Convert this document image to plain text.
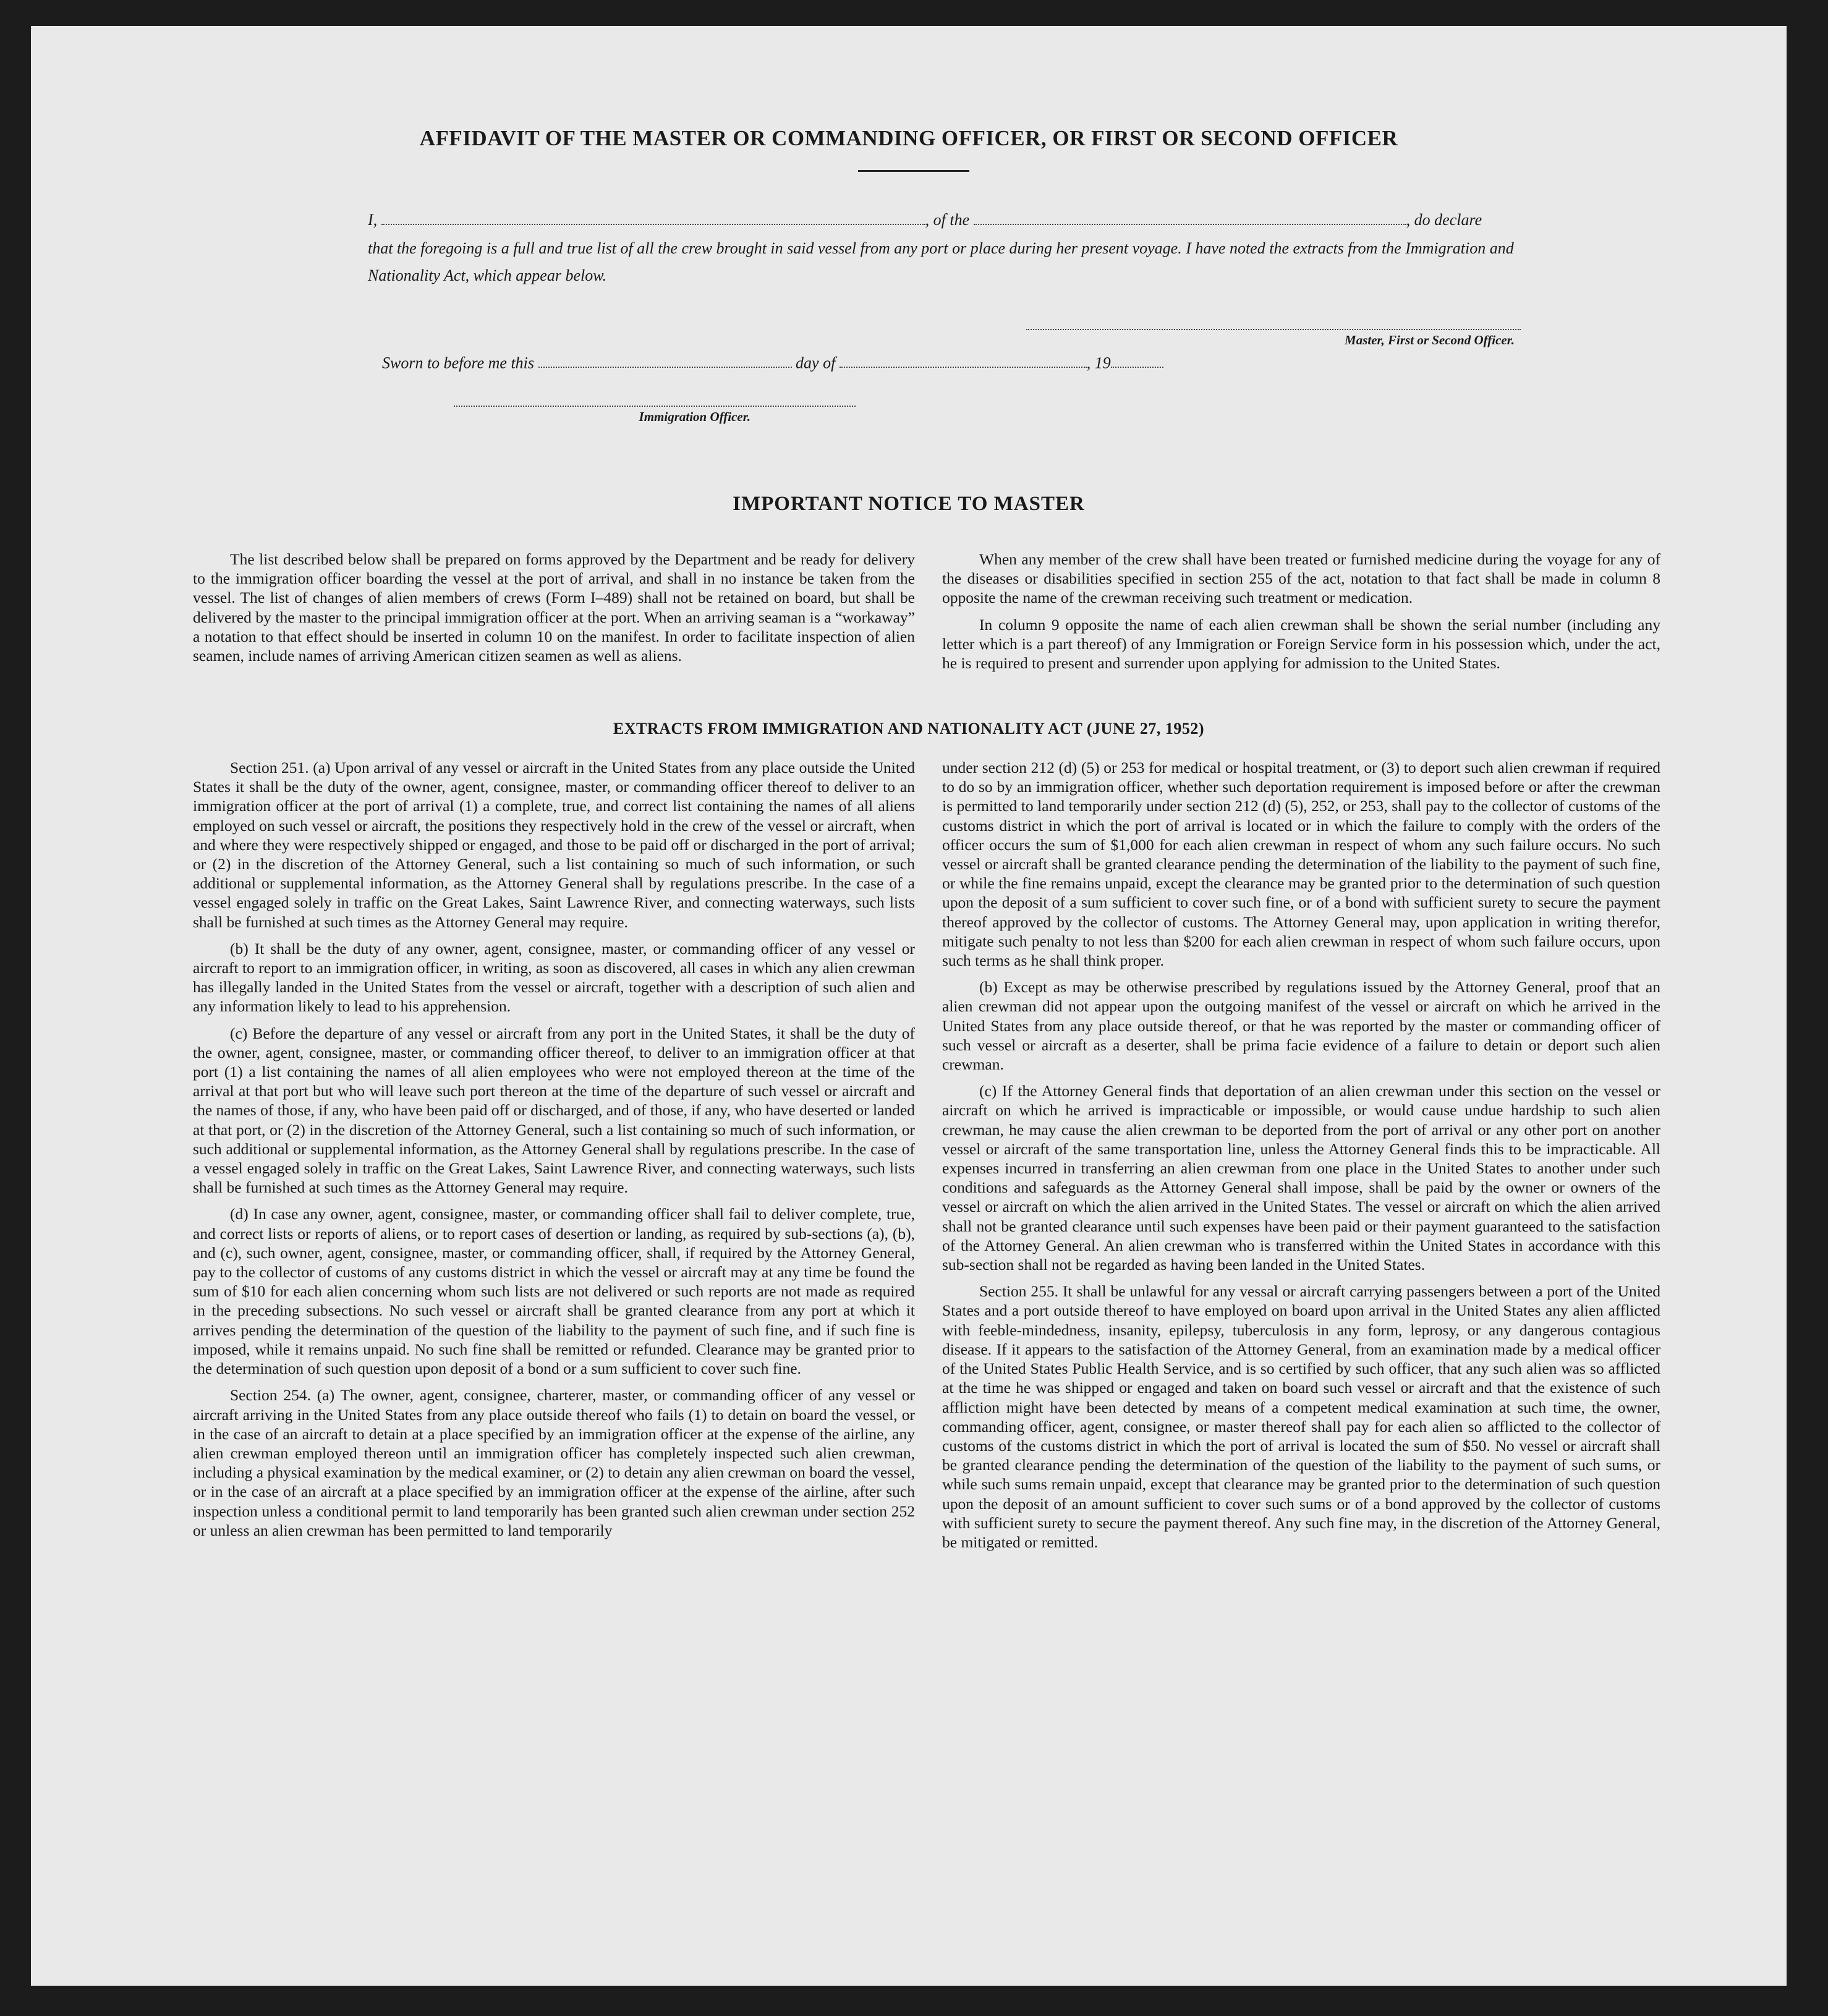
AFFIDAVIT OF THE MASTER OR COMMANDING OFFICER, OR FIRST OR SECOND OFFICER
I,	, of the	, do declare
that the foregoing is a full and true list of all the crew brought in said vessel from any port or place during her present voyage. I have noted the extracts from the Immigration and Nationality Act, which appear below.
Master, First or Second Officer.
Sworn to before me this	day of	, 19
Immigration Officer.
IMPORTANT NOTICE TO MASTER

The list described below shall be prepared on forms approved by the Department and be ready for delivery to the immigration officer boarding the vessel at the port of arrival, and shall in no instance be taken from the vessel. The list of changes of alien members of crews (Form I–489) shall not be retained on board, but shall be delivered by the master to the principal immigration officer at the port. When an arriving seaman is a “workaway” a notation to that effect should be inserted in column 10 on the manifest. In order to facilitate inspection of alien seamen, include names of arriving American citizen seamen as well as aliens.

When any member of the crew shall have been treated or furnished medicine during the voyage for any of the diseases or disabilities specified in section 255 of the act, notation to that fact shall be made in column 8 opposite the name of the crewman receiving such treatment or medication.

In column 9 opposite the name of each alien crewman shall be shown the serial number (including any letter which is a part thereof) of any Immigration or Foreign Service form in his possession which, under the act, he is required to present and surrender upon applying for admission to the United States.

EXTRACTS FROM IMMIGRATION AND NATIONALITY ACT (JUNE 27, 1952)

Section 251. (a) Upon arrival of any vessel or aircraft in the United States from any place outside the United States it shall be the duty of the owner, agent, consignee, master, or commanding officer thereof to deliver to an immigration officer at the port of arrival (1) a complete, true, and correct list containing the names of all aliens employed on such vessel or aircraft, the positions they respectively hold in the crew of the vessel or aircraft, when and where they were respectively shipped or engaged, and those to be paid off or discharged in the port of arrival; or (2) in the discretion of the Attorney General, such a list containing so much of such information, or such additional or supplemental information, as the Attorney General shall by regulations prescribe. In the case of a vessel engaged solely in traffic on the Great Lakes, Saint Lawrence River, and connecting waterways, such lists shall be furnished at such times as the Attorney General may require.

(b) It shall be the duty of any owner, agent, consignee, master, or commanding officer of any vessel or aircraft to report to an immigration officer, in writing, as soon as discovered, all cases in which any alien crewman has illegally landed in the United States from the vessel or aircraft, together with a description of such alien and any information likely to lead to his apprehension.

(c) Before the departure of any vessel or aircraft from any port in the United States, it shall be the duty of the owner, agent, consignee, master, or commanding officer thereof, to deliver to an immigration officer at that port (1) a list containing the names of all alien employees who were not employed thereon at the time of the arrival at that port but who will leave such port thereon at the time of the departure of such vessel or aircraft and the names of those, if any, who have been paid off or discharged, and of those, if any, who have deserted or landed at that port, or (2) in the discretion of the Attorney General, such a list containing so much of such information, or such additional or supplemental information, as the Attorney General shall by regulations prescribe. In the case of a vessel engaged solely in traffic on the Great Lakes, Saint Lawrence River, and connecting waterways, such lists shall be furnished at such times as the Attorney General may require.

(d) In case any owner, agent, consignee, master, or commanding officer shall fail to deliver complete, true, and correct lists or reports of aliens, or to report cases of desertion or landing, as required by sub-sections (a), (b), and (c), such owner, agent, consignee, master, or commanding officer, shall, if required by the Attorney General, pay to the collector of customs of any customs district in which the vessel or aircraft may at any time be found the sum of $10 for each alien concerning whom such lists are not delivered or such reports are not made as required in the preceding subsections. No such vessel or aircraft shall be granted clearance from any port at which it arrives pending the determination of the question of the liability to the payment of such fine, and if such fine is imposed, while it remains unpaid. No such fine shall be remitted or refunded. Clearance may be granted prior to the determination of such question upon deposit of a bond or a sum sufficient to cover such fine.

Section 254. (a) The owner, agent, consignee, charterer, master, or commanding officer of any vessel or aircraft arriving in the United States from any place outside thereof who fails (1) to detain on board the vessel, or in the case of an aircraft to detain at a place specified by an immigration officer at the expense of the airline, any alien crewman employed thereon until an immigration officer has completely inspected such alien crewman, including a physical examination by the medical examiner, or (2) to detain any alien crewman on board the vessel, or in the case of an aircraft at a place specified by an immigration officer at the expense of the airline, after such inspection unless a conditional permit to land temporarily has been granted such alien crewman under section 252 or unless an alien crewman has been permitted to land temporarily

under section 212 (d) (5) or 253 for medical or hospital treatment, or (3) to deport such alien crewman if required to do so by an immigration officer, whether such deportation requirement is imposed before or after the crewman is permitted to land temporarily under section 212 (d) (5), 252, or 253, shall pay to the collector of customs of the customs district in which the port of arrival is located or in which the failure to comply with the orders of the officer occurs the sum of $1,000 for each alien crewman in respect of whom any such failure occurs. No such vessel or aircraft shall be granted clearance pending the determination of the liability to the payment of such fine, or while the fine remains unpaid, except the clearance may be granted prior to the determination of such question upon the deposit of a sum sufficient to cover such fine, or of a bond with sufficient surety to secure the payment thereof approved by the collector of customs. The Attorney General may, upon application in writing therefor, mitigate such penalty to not less than $200 for each alien crewman in respect of whom such failure occurs, upon such terms as he shall think proper.

(b) Except as may be otherwise prescribed by regulations issued by the Attorney General, proof that an alien crewman did not appear upon the outgoing manifest of the vessel or aircraft on which he arrived in the United States from any place outside thereof, or that he was reported by the master or commanding officer of such vessel or aircraft as a deserter, shall be prima facie evidence of a failure to detain or deport such alien crewman.

(c) If the Attorney General finds that deportation of an alien crewman under this section on the vessel or aircraft on which he arrived is impracticable or impossible, or would cause undue hardship to such alien crewman, he may cause the alien crewman to be deported from the port of arrival or any other port on another vessel or aircraft of the same transportation line, unless the Attorney General finds this to be impracticable. All expenses incurred in transferring an alien crewman from one place in the United States to another under such conditions and safeguards as the Attorney General shall impose, shall be paid by the owner or owners of the vessel or aircraft on which the alien arrived in the United States. The vessel or aircraft on which the alien arrived shall not be granted clearance until such expenses have been paid or their payment guaranteed to the satisfaction of the Attorney General. An alien crewman who is transferred within the United States in accordance with this sub-section shall not be regarded as having been landed in the United States.

Section 255. It shall be unlawful for any vessal or aircraft carrying passengers between a port of the United States and a port outside thereof to have employed on board upon arrival in the United States any alien afflicted with feeble-mindedness, insanity, epilepsy, tuberculosis in any form, leprosy, or any dangerous contagious disease. If it appears to the satisfaction of the Attorney General, from an examination made by a medical officer of the United States Public Health Service, and is so certified by such officer, that any such alien was so afflicted at the time he was shipped or engaged and taken on board such vessel or aircraft and that the existence of such affliction might have been detected by means of a competent medical examination at such time, the owner, commanding officer, agent, consignee, or master thereof shall pay for each alien so afflicted to the collector of customs of the customs district in which the port of arrival is located the sum of $50. No vessel or aircraft shall be granted clearance pending the determination of the question of the liability to the payment of such sums, or while such sums remain unpaid, except that clearance may be granted prior to the determination of such question upon the deposit of an amount sufficient to cover such sums or of a bond approved by the collector of customs with sufficient surety to secure the payment thereof. Any such fine may, in the discretion of the Attorney General, be mitigated or remitted.
